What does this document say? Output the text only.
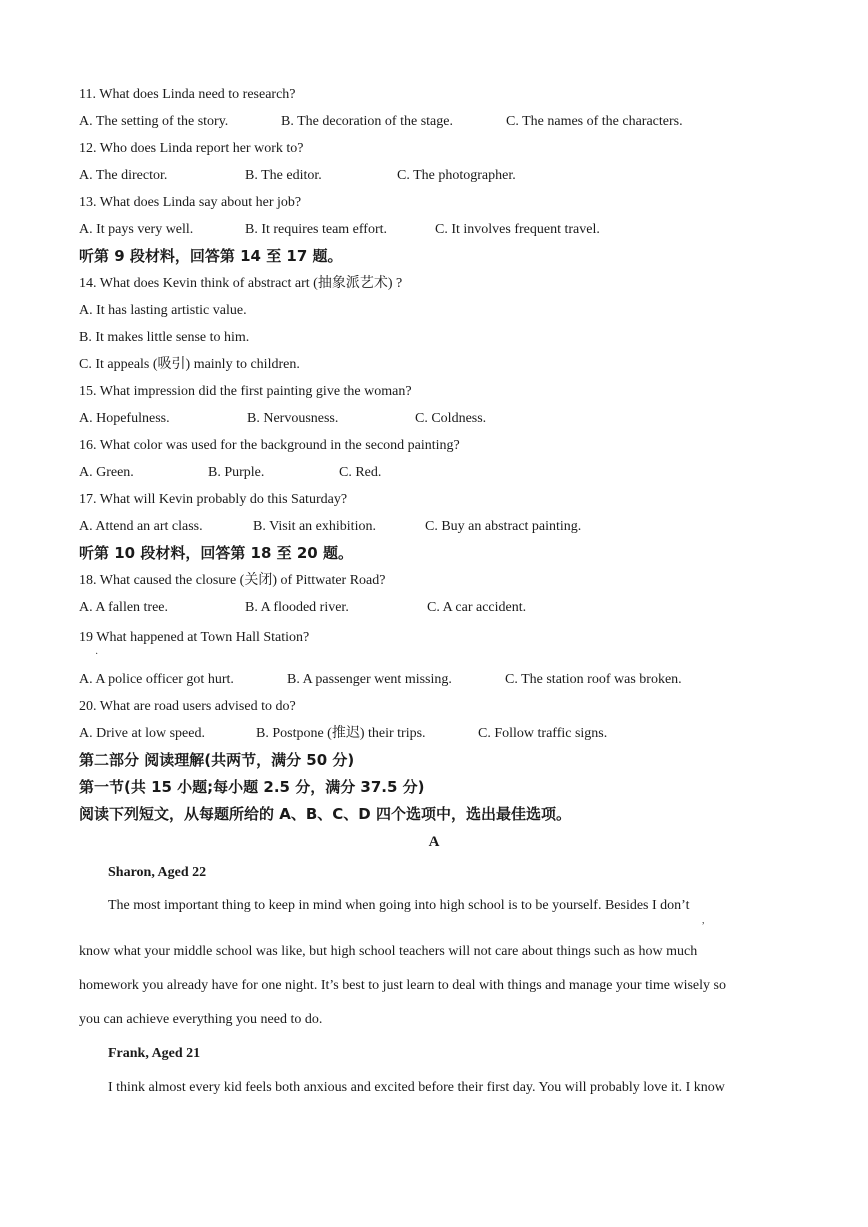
11. What does Linda need to research?
A. The setting of the story.	B. The decoration of the stage.	C. The names of the characters.
12. Who does Linda report her work to?
A. The director.	B. The editor.	C. The photographer.
13. What does Linda say about her job?
A. It pays very well.	B. It requires team effort.	C. It involves frequent travel.
听第 9 段材料，回答第 14 至 17 题。
14. What does Kevin think of abstract art (抽象派艺术) ?
A. It has lasting artistic value.
B. It makes little sense to him.
C. It appeals (吸引) mainly to children.
15. What impression did the first painting give the woman?
A. Hopefulness.	B. Nervousness.	C. Coldness.
16. What color was used for the background in the second painting?
A. Green.	B. Purple.	C. Red.
17. What will Kevin probably do this Saturday?
A. Attend an art class.	B. Visit an exhibition.	C. Buy an abstract painting.
听第 10 段材料，回答第 18 至 20 题。
18. What caused the closure (关闭) of Pittwater Road?
A. A fallen tree.	B. A flooded river.	C. A car accident.
19 What happened at Town Hall Station?
·
A. A police officer got hurt.	B. A passenger went missing.	C. The station roof was broken.
20. What are road users advised to do?
A. Drive at low speed.	B. Postpone (推迟) their trips.	C. Follow traffic signs.
第二部分 阅读理解(共两节，满分 50 分)
第一节(共 15 小题;每小题 2.5 分，满分 37.5 分)
阅读下列短文，从每题所给的 A、B、C、D 四个选项中，选出最佳选项。
A
Sharon, Aged 22
The most important thing to keep in mind when going into high school is to be yourself. Besides I don’t
,
know what your middle school was like, but high school teachers will not care about things such as how much
homework you already have for one night. It’s best to just learn to deal with things and manage your time wisely so
you can achieve everything you need to do.
Frank, Aged 21
I think almost every kid feels both anxious and excited before their first day. You will probably love it. I know
